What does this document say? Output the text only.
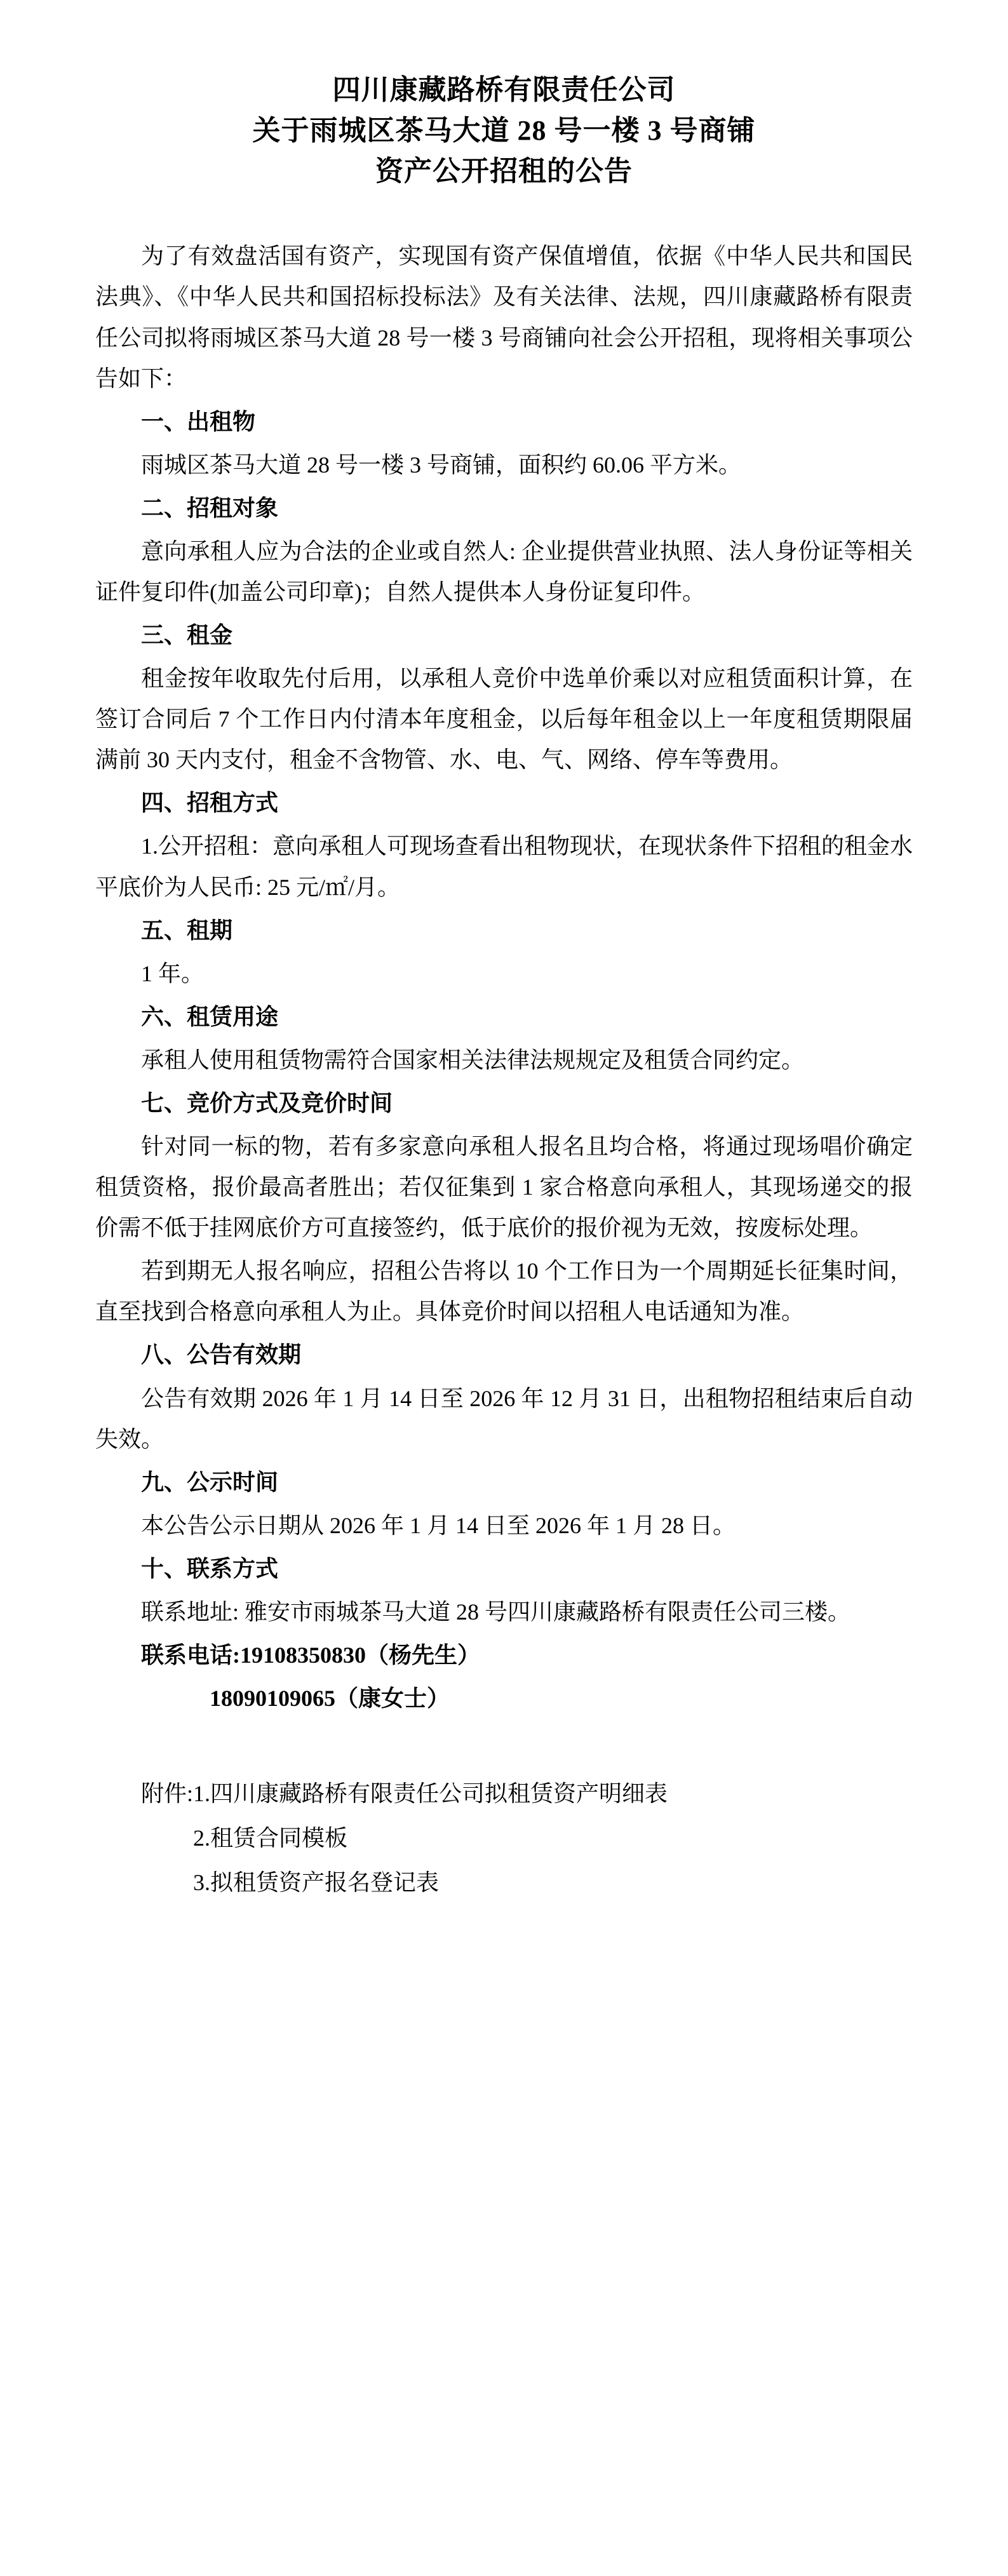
四川康藏路桥有限责任公司
关于雨城区茶马大道 28 号一楼 3 号商铺
资产公开招租的公告

为了有效盘活国有资产，实现国有资产保值增值，依据《中华人民共和国民法典》、《中华人民共和国招标投标法》及有关法律、法规，四川康藏路桥有限责任公司拟将雨城区茶马大道 28 号一楼 3 号商铺向社会公开招租，现将相关事项公告如下：

一、出租物

雨城区茶马大道 28 号一楼 3 号商铺，面积约 60.06 平方米。

二、招租对象

意向承租人应为合法的企业或自然人: 企业提供营业执照、法人身份证等相关证件复印件(加盖公司印章)；自然人提供本人身份证复印件。

三、租金

租金按年收取先付后用，以承租人竞价中选单价乘以对应租赁面积计算，在签订合同后 7 个工作日内付清本年度租金，以后每年租金以上一年度租赁期限届满前 30 天内支付，租金不含物管、水、电、气、网络、停车等费用。

四、招租方式

1.公开招租：意向承租人可现场查看出租物现状，在现状条件下招租的租金水平底价为人民币: 25 元/㎡/月。

五、租期

1 年。

六、租赁用途

承租人使用租赁物需符合国家相关法律法规规定及租赁合同约定。

七、竞价方式及竞价时间

针对同一标的物，若有多家意向承租人报名且均合格，将通过现场唱价确定租赁资格，报价最高者胜出；若仅征集到 1 家合格意向承租人，其现场递交的报价需不低于挂网底价方可直接签约，低于底价的报价视为无效，按废标处理。

若到期无人报名响应，招租公告将以 10 个工作日为一个周期延长征集时间，直至找到合格意向承租人为止。具体竞价时间以招租人电话通知为准。

八、公告有效期

公告有效期 2026 年 1 月 14 日至 2026 年 12 月 31 日，出租物招租结束后自动失效。

九、公示时间

本公告公示日期从 2026 年 1 月 14 日至 2026 年 1 月 28 日。

十、联系方式

联系地址: 雅安市雨城茶马大道 28 号四川康藏路桥有限责任公司三楼。

联系电话:19108350830（杨先生）

18090109065（康女士）

附件: 1.四川康藏路桥有限责任公司拟租赁资产明细表
2.租赁合同模板
3.拟租赁资产报名登记表
